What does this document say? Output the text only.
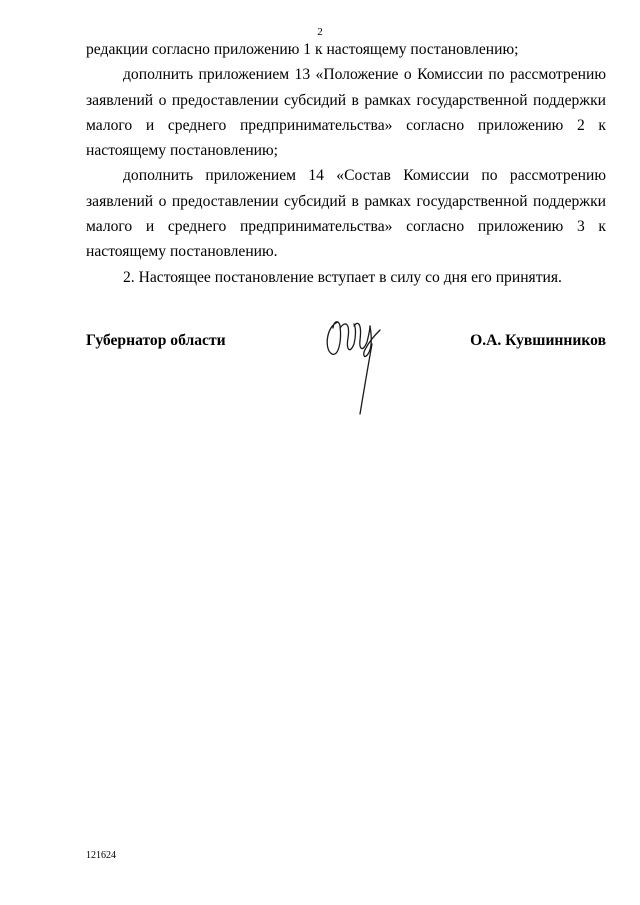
2

редакции согласно приложению 1 к настоящему постановлению;

дополнить приложением 13 «Положение о Комиссии по рассмотрению заявлений о предоставлении субсидий в рамках государственной поддержки малого и среднего предпринимательства» согласно приложению 2 к настоящему постановлению;

дополнить приложением 14 «Состав Комиссии по рассмотрению заявлений о предоставлении субсидий в рамках государственной поддержки малого и среднего предпринимательства» согласно приложению 3 к настоящему постановлению.

2. Настоящее постановление вступает в силу со дня его принятия.

Губернатор области	О.А. Кувшинников
121624
